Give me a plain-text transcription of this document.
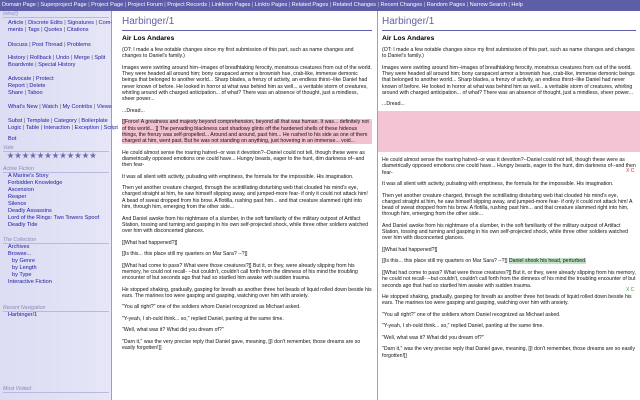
Domain Page | Superproject Page | Project Page | Project Forum | Project Records | Linkfrom Pages | Linkto Pages | Related Pages | Related Changes | Recent Changes | Random Pages | Narrow Search | Help
Intro(!)
Article | Discrete Edits | Signatures | Com-
ments | Tags | Quotes | Citations
Discuss | Post Thread | Problems
History | Rollback | Undo | Merge | Split
Boardvote | Special History
Advocate | Protect
Report | Delete
Share | Taboo
What's New | Watch | My Contribs | Views
Subst | Template | Category | Boilerplate
Logic | Table | Interaction | Exception | Script
Bot
Vote
Active Fiction
A Marine's Story
Forbidden Knowledge
Ascension
Reaper
Silence
Deadly Assassins
Lord of the Rings: Two Towers Spoof
Deadly Tide
The Collection
Archives
Browse...
by Genre
by Length
by Type
Interactive Fiction
Recent Navigation
Harbinger/1
Most Visited
Harbinger/1
Air Los Andares

(OT: I made a few notable changes since my first submission of this part, such as name changes and changes to Daniel's family.)

Images were swirling around him--images of breathtaking ferocity, monstrous creatures from out of the world. They were headed all around him; bony carapaced armor a brownish hue, crab-like, immense demonic beings that belonged to another world... Sharp blades, a frenzy of activity, an endless thirst--like Daniel had never known of before. He looked in horror at what was behind him as well... a veritable storm of creatures, whirling around with charged anticipation... of what? There was an absence of thought, just a mindless, sheer power...

...Dread...

[[Force! A greatness and majesty beyond comprehension, beyond all that was human. It was... definitely not of this world... ]] The pervading blackness cast shadowy glints off the hardened shells of these hideous things, the frenzy was self-propelled... Around and around, past him... He rushed to his side as one of them charged at him, went past. But he was not standing on anything, just hovering in an immense... void...

He could almost sense the roaring hatred--or was it devotion?--Daniel could not tell, though these were as diametrically opposed emotions one could have... Hungry beasts, eager to the hunt, dim darkness of--and then fear-

It was all silent with activity, pulsating with emptiness, the formula for the impossible. His imagination.

Then yet another creature charged, through the scintillating disturbing web that clouded his mind's eye, charged straight at him, he saw himself slipping away, and jumped-more fear- if only it could not attack him! A bead of sweat dropped from his brow. A flotilla, rushing past him... and that creature slammed right into him, through him, emerging from the other side...

And Daniel awoke from his nightmare of a slumber, in the soft familiarity of the military outpost of Artifact Station, tossing and turning and gasping in his own self-projected shock, while three other soldiers watched over him with disconcerted glances.

[[What had happened?]]

[[Is this... this place still my quarters on Mar Sara? --?]]

[[What had come to pass? What were those creatures?]] But it, or they, were already slipping from his memory, he could not recall- --but couldn't, couldn't call forth from the dimness of his mind the troubling encounter of but seconds ago that had so startled him awake with sudden trauma.

He stopped shaking, gradually, gasping for breath as another three hot beads of liquid rolled down beside his ears. The marines too were gasping and gasping, watching over him with anxiety.

"You all right?" one of the soldiers whom Daniel recognized as Michael asked.

"Y-yeah, I sh-ould think... so," replied Daniel, panting at the same time.

"Well, what was it? What did you dream of?"

"Darn it," was the very precise reply that Daniel gave, meaning, [[I don't remember, those dreams are so easily forgotten!]]

Harbinger/1
Air Los Andares

(OT: I made a few notable changes since my first submission of this part, such as name changes and changes to Daniel's family.)

Images were swirling around him--images of breathtaking ferocity, monstrous creatures from out of the world. They were headed all around him; bony carapaced armor a brownish hue, crab-like, immense demonic beings that belonged to another world... Sharp blades, a frenzy of activity, an endless thirst--like Daniel had never known of before. He looked in horror at what was behind him as well... a veritable storm of creatures, whirling around with charged anticipation... of what? There was an absence of thought, just a mindless, sheer power...

...Dread...

He could almost sense the roaring hatred--or was it devotion?--Daniel could not tell, though these were as diametrically opposed emotions one could have... Hungry beasts, eager to the hunt, dim darkness of--and then fear-

It was all silent with activity, pulsating with emptiness, the formula for the impossible. His imagination.

Then yet another creature charged, through the scintillating disturbing web that clouded his mind's eye, charged straight at him, he saw himself slipping away, and jumped-more fear- if only it could not attack him! A bead of sweat dropped from his brow. A flotilla, rushing past him... and that creature slammed right into him, through him, emerging from the other side...

And Daniel awoke from his nightmare of a slumber, in the soft familiarity of the military outpost of Artifact Station, tossing and turning and gasping in his own self-projected shock, while three other soldiers watched over him with disconcerted glances.

[[What had happened?]]

[[Is this... this place still my quarters on Mar Sara? --?]] Daniel shook his head, perturbed.

[[What had come to pass? What were those creatures?]] But it, or they, were already slipping from his memory, he could not recall- --but couldn't, couldn't call forth from the dimness of his mind the troubling encounter of but seconds ago that had so startled him awake with sudden trauma.

He stopped shaking, gradually, gasping for breath as another three hot beads of liquid rolled down beside his ears. The marines too were gasping and gasping, watching over him with anxiety.

"You all right?" one of the soldiers whom Daniel recognized as Michael asked.

"Y-yeah, I sh-ould think... so," replied Daniel, panting at the same time.

"Well, what was it? What did you dream of?"

"Darn it," was the very precise reply that Daniel gave, meaning, [[I don't remember, those dreams are so easily forgotten!]]

X C
X C
